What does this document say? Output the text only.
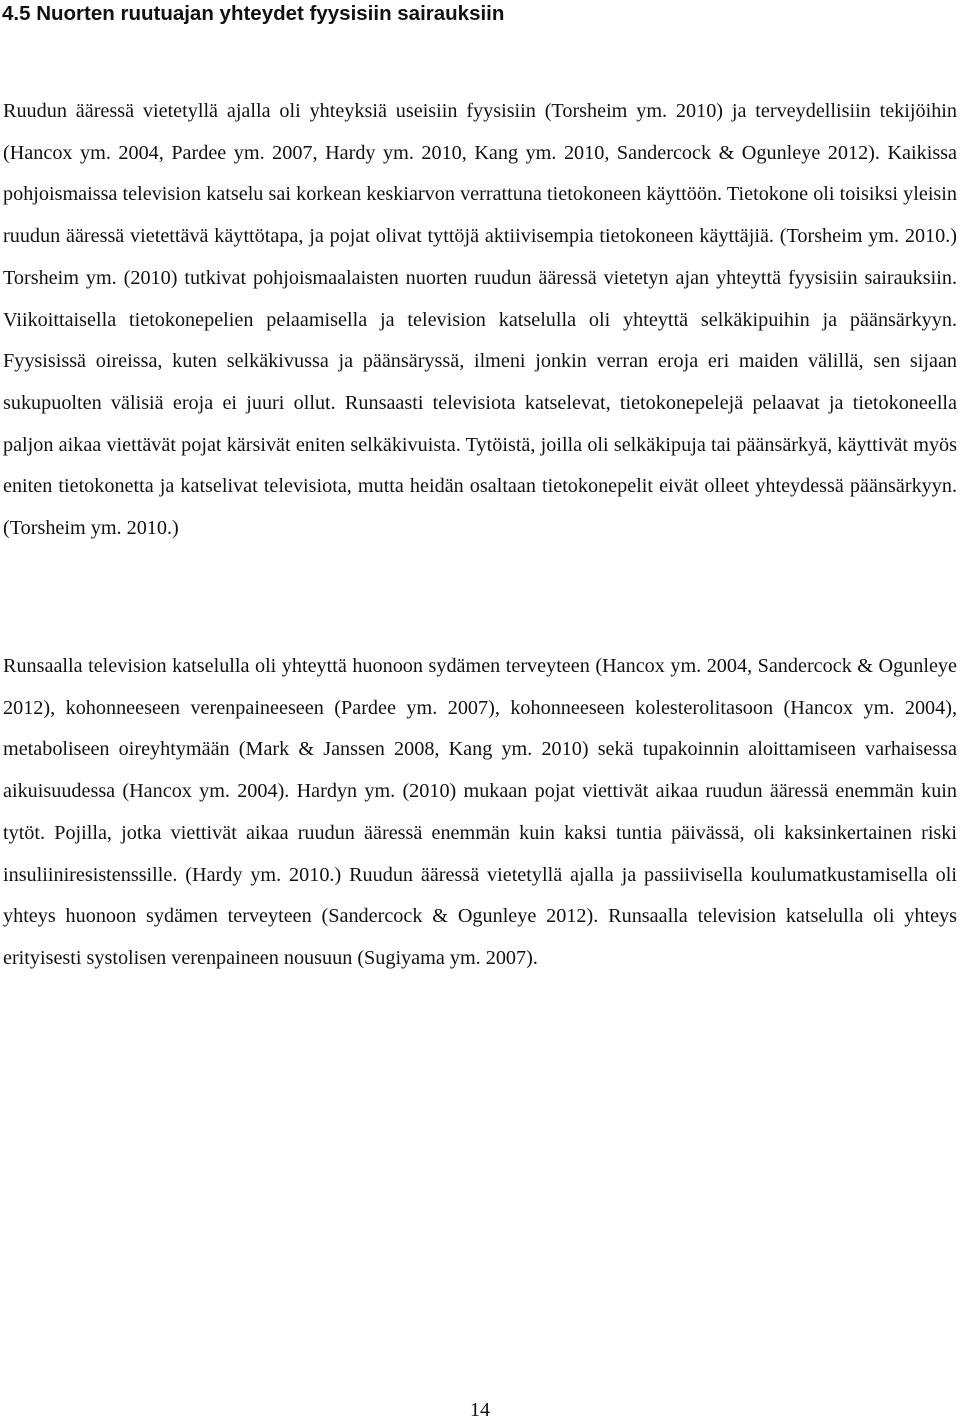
4.5 Nuorten ruutuajan yhteydet fyysisiin sairauksiin

Ruudun ääressä vietetyllä ajalla oli yhteyksiä useisiin fyysisiin (Torsheim ym. 2010) ja terveydellisiin tekijöihin (Hancox ym. 2004, Pardee ym. 2007, Hardy ym. 2010, Kang ym. 2010, Sandercock & Ogunleye 2012). Kaikissa pohjoismaissa television katselu sai korkean keskiarvon verrattuna tietokoneen käyttöön. Tietokone oli toisiksi yleisin ruudun ääressä vietettävä käyttötapa, ja pojat olivat tyttöjä aktiivisempia tietokoneen käyttäjiä. (Torsheim ym. 2010.) Torsheim ym. (2010) tutkivat pohjoismaalaisten nuorten ruudun ääressä vietetyn ajan yhteyttä fyysisiin sairauksiin. Viikoittaisella tietokonepelien pelaamisella ja television katselulla oli yhteyttä selkäkipuihin ja päänsärkyyn. Fyysisissä oireissa, kuten selkäkivussa ja päänsäryssä, ilmeni jonkin verran eroja eri maiden välillä, sen sijaan sukupuolten välisiä eroja ei juuri ollut. Runsaasti televisiota katselevat, tietokonepelejä pelaavat ja tietokoneella paljon aikaa viettävät pojat kärsivät eniten selkäkivuista. Tytöistä, joilla oli selkäkipuja tai päänsärkyä, käyttivät myös eniten tietokonetta ja katselivat televisiota, mutta heidän osaltaan tietokonepelit eivät olleet yhteydessä päänsärkyyn. (Torsheim ym. 2010.)

Runsaalla television katselulla oli yhteyttä huonoon sydämen terveyteen (Hancox ym. 2004, Sandercock & Ogunleye 2012), kohonneeseen verenpaineeseen (Pardee ym. 2007), kohonneeseen kolesterolitasoon (Hancox ym. 2004), metaboliseen oireyhtymään (Mark & Janssen 2008, Kang ym. 2010) sekä tupakoinnin aloittamiseen varhaisessa aikuisuudessa (Hancox ym. 2004). Hardyn ym. (2010) mukaan pojat viettivät aikaa ruudun ääressä enemmän kuin tytöt. Pojilla, jotka viettivät aikaa ruudun ääressä enemmän kuin kaksi tuntia päivässä, oli kaksinkertainen riski insuliiniresistenssille. (Hardy ym. 2010.) Ruudun ääressä vietetyllä ajalla ja passiivisella koulumatkustamisella oli yhteys huonoon sydämen terveyteen (Sandercock & Ogunleye 2012). Runsaalla television katselulla oli yhteys erityisesti systolisen verenpaineen nousuun (Sugiyama ym. 2007).

14
